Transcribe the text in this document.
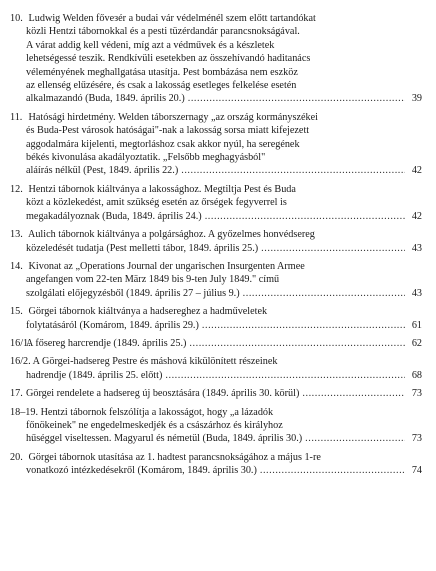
10. Ludwig Welden főveзér a budai vár védelménél szem előtt tartandókat
közli Hentzi tábornokkal és a pesti tüzérdandár parancsnokságával.
A várat addig kell védeni, míg azt a védművek és a készletek
lehetségessé teszik. Rendkívüli esetekben az összehívandó haditanács
véleményének meghallgatása utasítja. Pest bombázása nem eszköz
az ellenség elűzésére, és csak a lakosság esetleges felkelése esetén
alkalmazandó (Buda, 1849. április 20.) . . .	39
11. Hatósági hirdetmény. Welden táborszernagy „az ország kormányszékei
és Buda-Pest városok hatóságai"-nak a lakosság sorsa miatt kifejezett
aggodalmára kijelenti, megtorláshoz csak akkor nyúl, ha seregének
békés kivonulása akadályoztatik. „Felsőbb meghagyásból"
aláírás nélkül (Pest, 1849. április 22.) . . .	42
12. Hentzi tábornok kiáltványa a lakossághoz. Megtiltja Pest és Buda
közt a közlekedést, amit szükség esetén az őrségek fegyverrel is
megakadályoznak (Buda, 1849. április 24.) . . .	42
13. Aulich tábornok kiáltványa a polgársághoz. A győzelmes honvédsereg
közeledését tudatja (Pest melletti tábor, 1849. április 25.) . . .	43
14. Kivonat az „Operations Journal der ungarischen Insurgenten Armee
angefangen vom 22-ten März 1849 bis 9-ten July 1849." című
szolgálati előjegyzésből (1849. április 27 – július 9.) . . .	43
15. Görgei tábornok kiáltványa a hadsereghez a hadműveletek
folytatásáról (Komárom, 1849. április 29.) . . .	61
16/1.
A fősereg harcrendje (1849. április 25.) . . .	62
16/2. A Görgei-hadsereg Pestre és máshová kikülönített részeinek
hadrendje (1849. április 25. előtt) . . .	68
17. Görgei rendelete a hadsereg új beosztására (1849. április 30. körül) . . .	73
18–19. Hentzi tábornok felszólítja a lakosságot, hogy „a lázadók
főnökeinek" ne engedelmeskedjék és a császárhoz és királyhoz
hűséggel viseltessen. Magyarul és németül (Buda, 1849. április 30.) . . .	73
20. Görgei tábornok utasítása az 1. hadtest parancsnokságához a május 1-re
vonatkozó intézkedésekről (Komárom, 1849. április 30.) . . .	74
